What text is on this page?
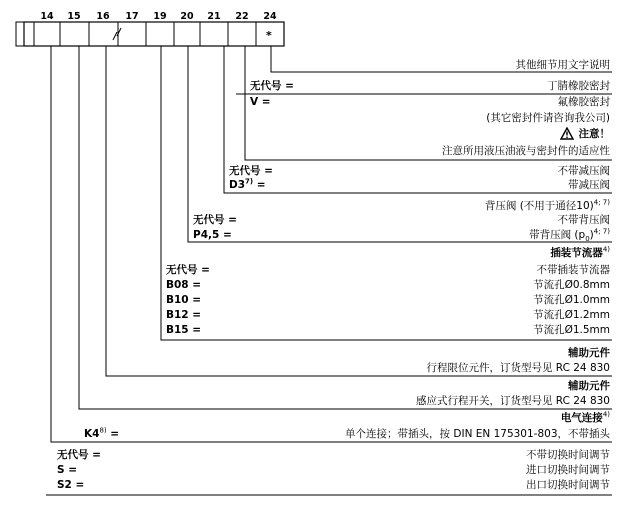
14	15	16	17	19	20	21	22	24
*
其他细节用文字说明
无代号 =	丁腈橡胶密封
V =	氟橡胶密封
(其它密封件请咨询我公司)
注意！
注意所用液压油液与密封件的适应性
无代号 =	不带减压阀
$D3^{7)}$ =	带减压阀
背压阀 (不用于通径10)$^{4; 7)}$
无代号 =	不带背压阀
P4,5 =	带背压阀 $(p_0)^{4; 7)}$
插装节流器$^{4)}$
无代号 =	不带插装节流器
B08 =	节流孔Ø0.8mm
B10 =	节流孔Ø1.0mm
B12 =	节流孔Ø1.2mm
B15 =	节流孔Ø1.5mm
辅助元件
行程限位元件，订货型号见 RC 24 830
辅助元件
感应式行程开关，订货型号见 RC 24 830
电气连接$^{4)}$
$K4^{8)}$ =	单个连接；带插头，按 DIN EN 175301-803，不带插头
无代号 =	不带切换时间调节
S =	进口切换时间调节
S2 =	出口切换时间调节
